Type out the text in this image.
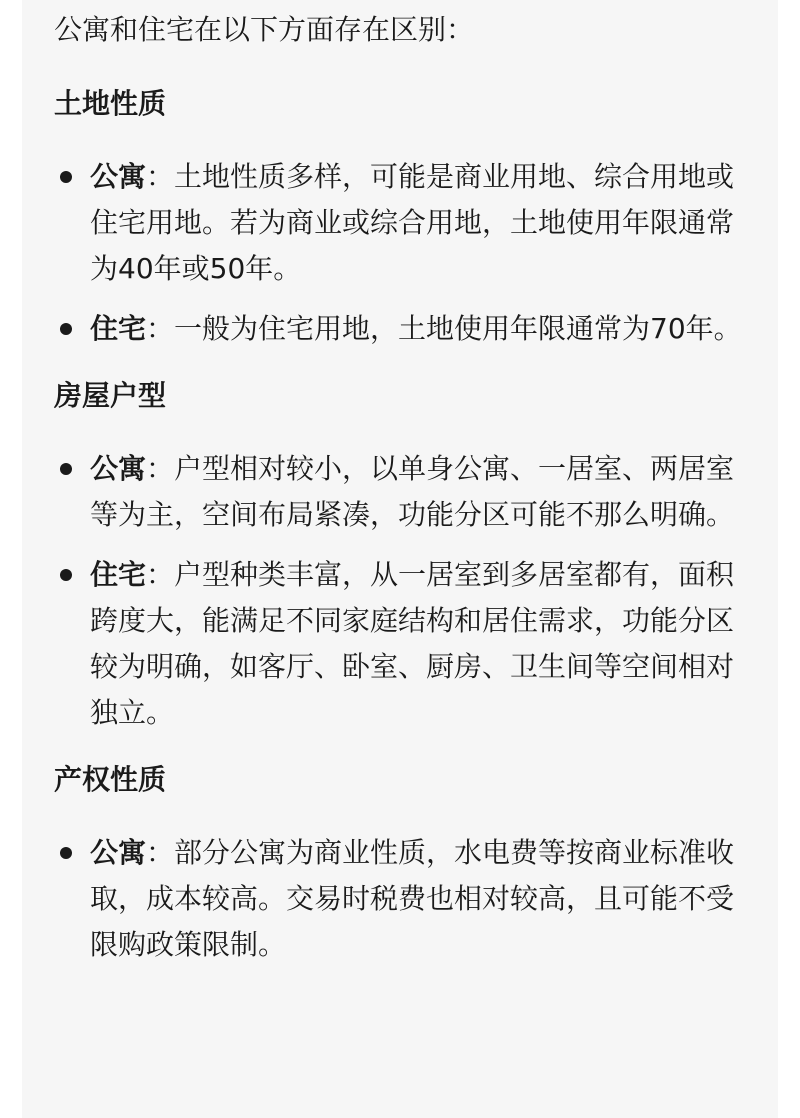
公寓和住宅在以下方面存在区别：

土地性质
公寓：土地性质多样，可能是商业用地、综合用地或住宅用地。若为商业或综合用地，土地使用年限通常为40年或50年。
住宅：一般为住宅用地，土地使用年限通常为70年。
房屋户型
公寓：户型相对较小，以单身公寓、一居室、两居室等为主，空间布局紧凑，功能分区可能不那么明确。
住宅：户型种类丰富，从一居室到多居室都有，面积跨度大，能满足不同家庭结构和居住需求，功能分区较为明确，如客厅、卧室、厨房、卫生间等空间相对独立。
产权性质
公寓：部分公寓为商业性质，水电费等按商业标准收取，成本较高。交易时税费也相对较高，且可能不受限购政策限制。
